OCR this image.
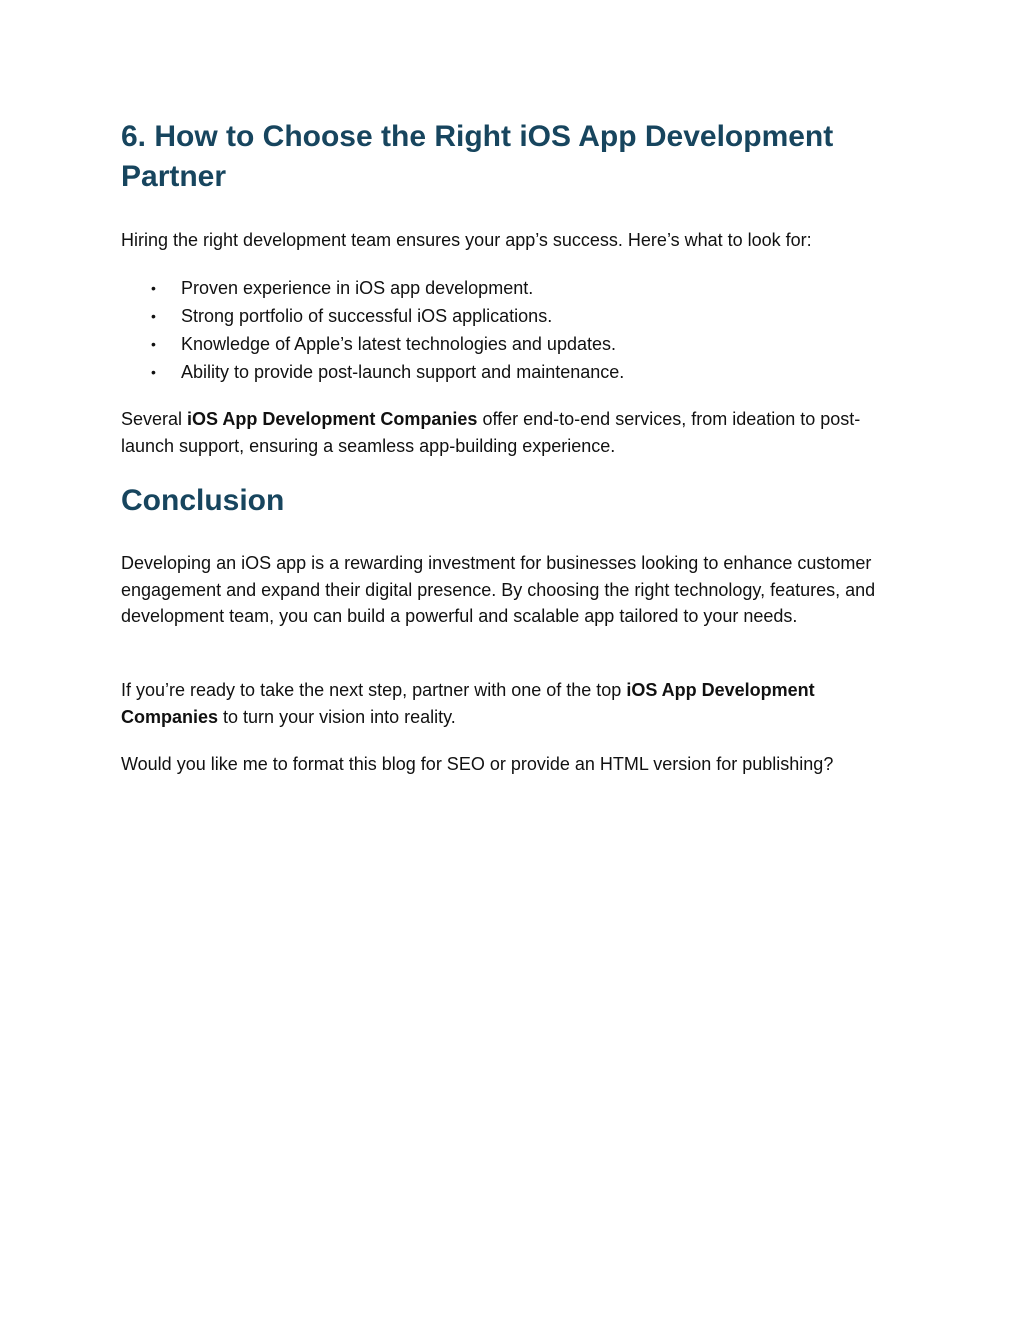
6. How to Choose the Right iOS App Development Partner

Hiring the right development team ensures your app’s success. Here’s what to look for:

• Proven experience in iOS app development.
• Strong portfolio of successful iOS applications.
• Knowledge of Apple’s latest technologies and updates.
• Ability to provide post-launch support and maintenance.

Several iOS App Development Companies offer end-to-end services, from ideation to post-launch support, ensuring a seamless app-building experience.

Conclusion

Developing an iOS app is a rewarding investment for businesses looking to enhance customer engagement and expand their digital presence. By choosing the right technology, features, and development team, you can build a powerful and scalable app tailored to your needs.

If you’re ready to take the next step, partner with one of the top iOS App Development Companies to turn your vision into reality.

Would you like me to format this blog for SEO or provide an HTML version for publishing?
